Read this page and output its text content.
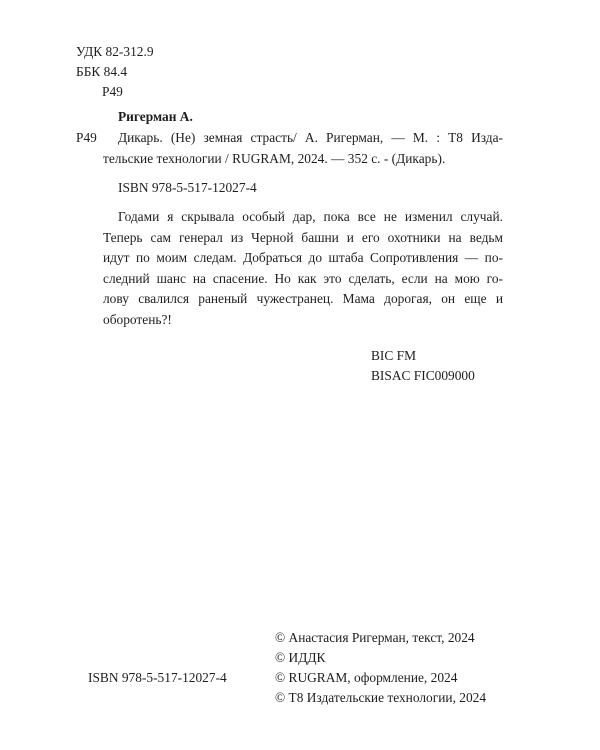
УДК 82-312.9
ББК 84.4
Р49
Ригерман А.
Р49	Дикарь. (Не) земная страсть/ А. Ригерман, — М. : Т8 Изда-
тельские технологии / RUGRAM, 2024. — 352 с. - (Дикарь).
ISBN 978-5-517-12027-4
Годами я скрывала особый дар, пока все не изменил случай.
Теперь сам генерал из Черной башни и его охотники на ведьм
идут по моим следам. Добраться до штаба Сопротивления — по-
следний шанс на спасение. Но как это сделать, если на мою го-
лову свалился раненый чужестранец. Мама дорогая, он еще и
оборотень?!
BIC FM
BISAC FIC009000
ISBN 978-5-517-12027-4
© Анастасия Ригерман, текст, 2024
© ИДДК
© RUGRAM, оформление, 2024
© Т8 Издательские технологии, 2024
